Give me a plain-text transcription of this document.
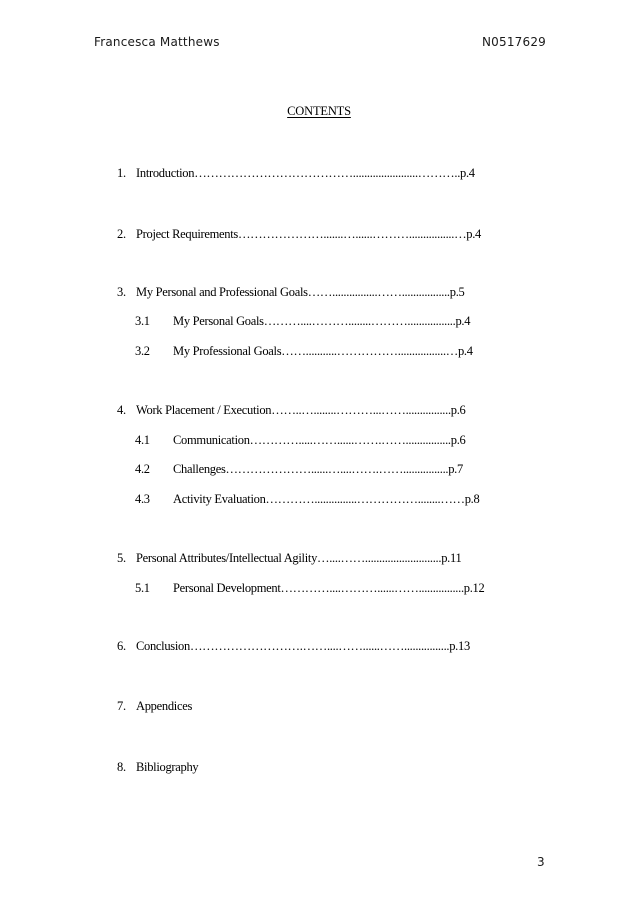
Francesca Matthews	N0517629
CONTENTS
1. Introduction………………………………….......................………..p.4
2. Project Requirements………………….......…......………................…p.4
3. My Personal and Professional Goals……................…….................p.5
3.1 My Personal Goals………....………........……….................p.4
3.2 My Professional Goals……...........…………….................…p.4
4. Work Placement / Execution……..…........………...……................p.6
4.1 Communication………….....……......…….……................p.6
4.2 Challenges…………………......…....…….……................p.7
4.3 Activity Evaluation…………...............……………........……p.8
5. Personal Attributes/Intellectual Agility…....……...........................p.11
5.1 Personal Development…………....………......……................p.12
6. Conclusion……………………….……....……......……................p.13
7. Appendices
8. Bibliography
3
